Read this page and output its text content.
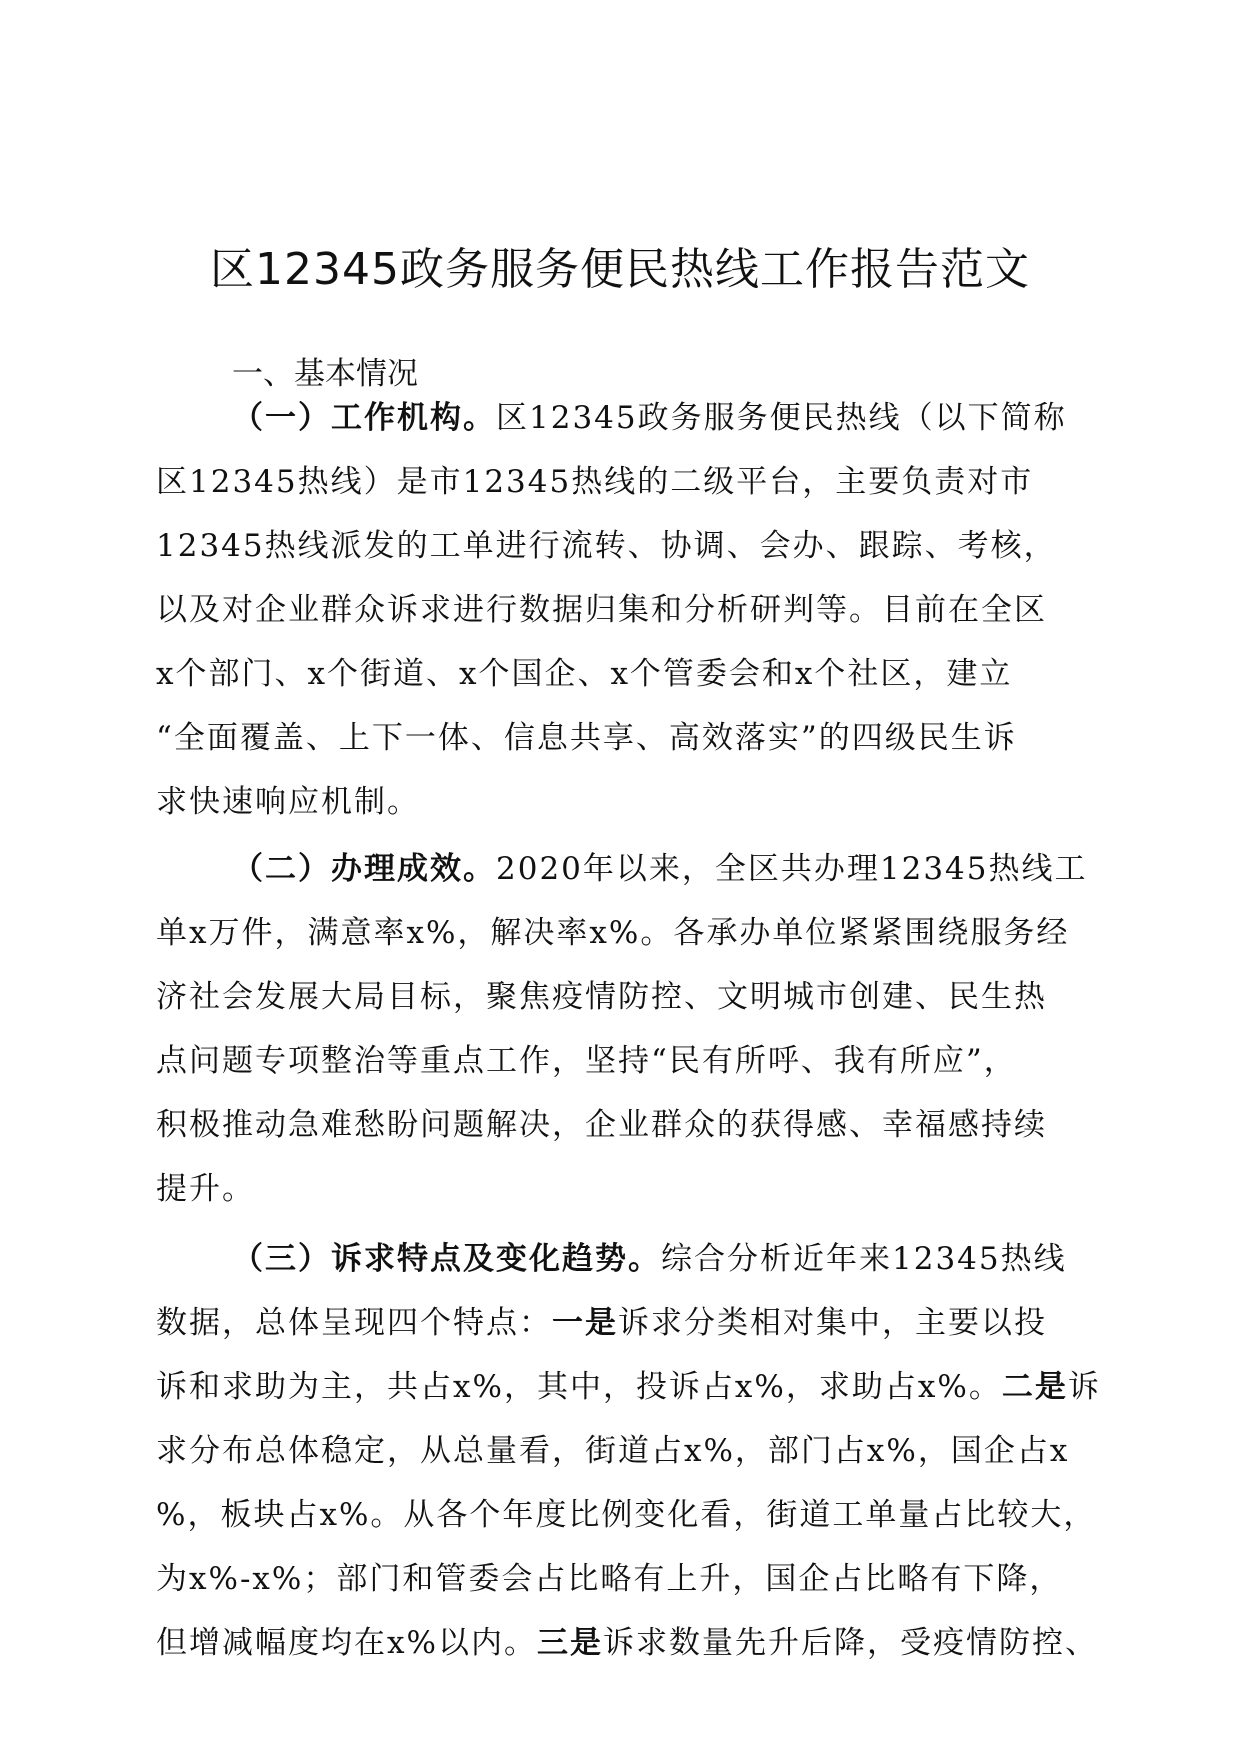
区12345政务服务便民热线工作报告范文
一、基本情况
（一）工作机构。区12345政务服务便民热线（以下简称
区12345热线）是市12345热线的二级平台，主要负责对市
12345热线派发的工单进行流转、协调、会办、跟踪、考核，
以及对企业群众诉求进行数据归集和分析研判等。目前在全区
x个部门、x个街道、x个国企、x个管委会和x个社区，建立
“全面覆盖、上下一体、信息共享、高效落实”的四级民生诉
求快速响应机制。
（二）办理成效。2020年以来，全区共办理12345热线工
单x万件，满意率x%，解决率x%。各承办单位紧紧围绕服务经
济社会发展大局目标，聚焦疫情防控、文明城市创建、民生热
点问题专项整治等重点工作，坚持“民有所呼、我有所应”，
积极推动急难愁盼问题解决，企业群众的获得感、幸福感持续
提升。
（三）诉求特点及变化趋势。综合分析近年来12345热线
数据，总体呈现四个特点：一是诉求分类相对集中，主要以投
诉和求助为主，共占x%，其中，投诉占x%，求助占x%。二是诉
求分布总体稳定，从总量看，街道占x%，部门占x%，国企占x
%，板块占x%。从各个年度比例变化看，街道工单量占比较大，
为x%-x%；部门和管委会占比略有上升，国企占比略有下降，
但增减幅度均在x%以内。三是诉求数量先升后降，受疫情防控、
